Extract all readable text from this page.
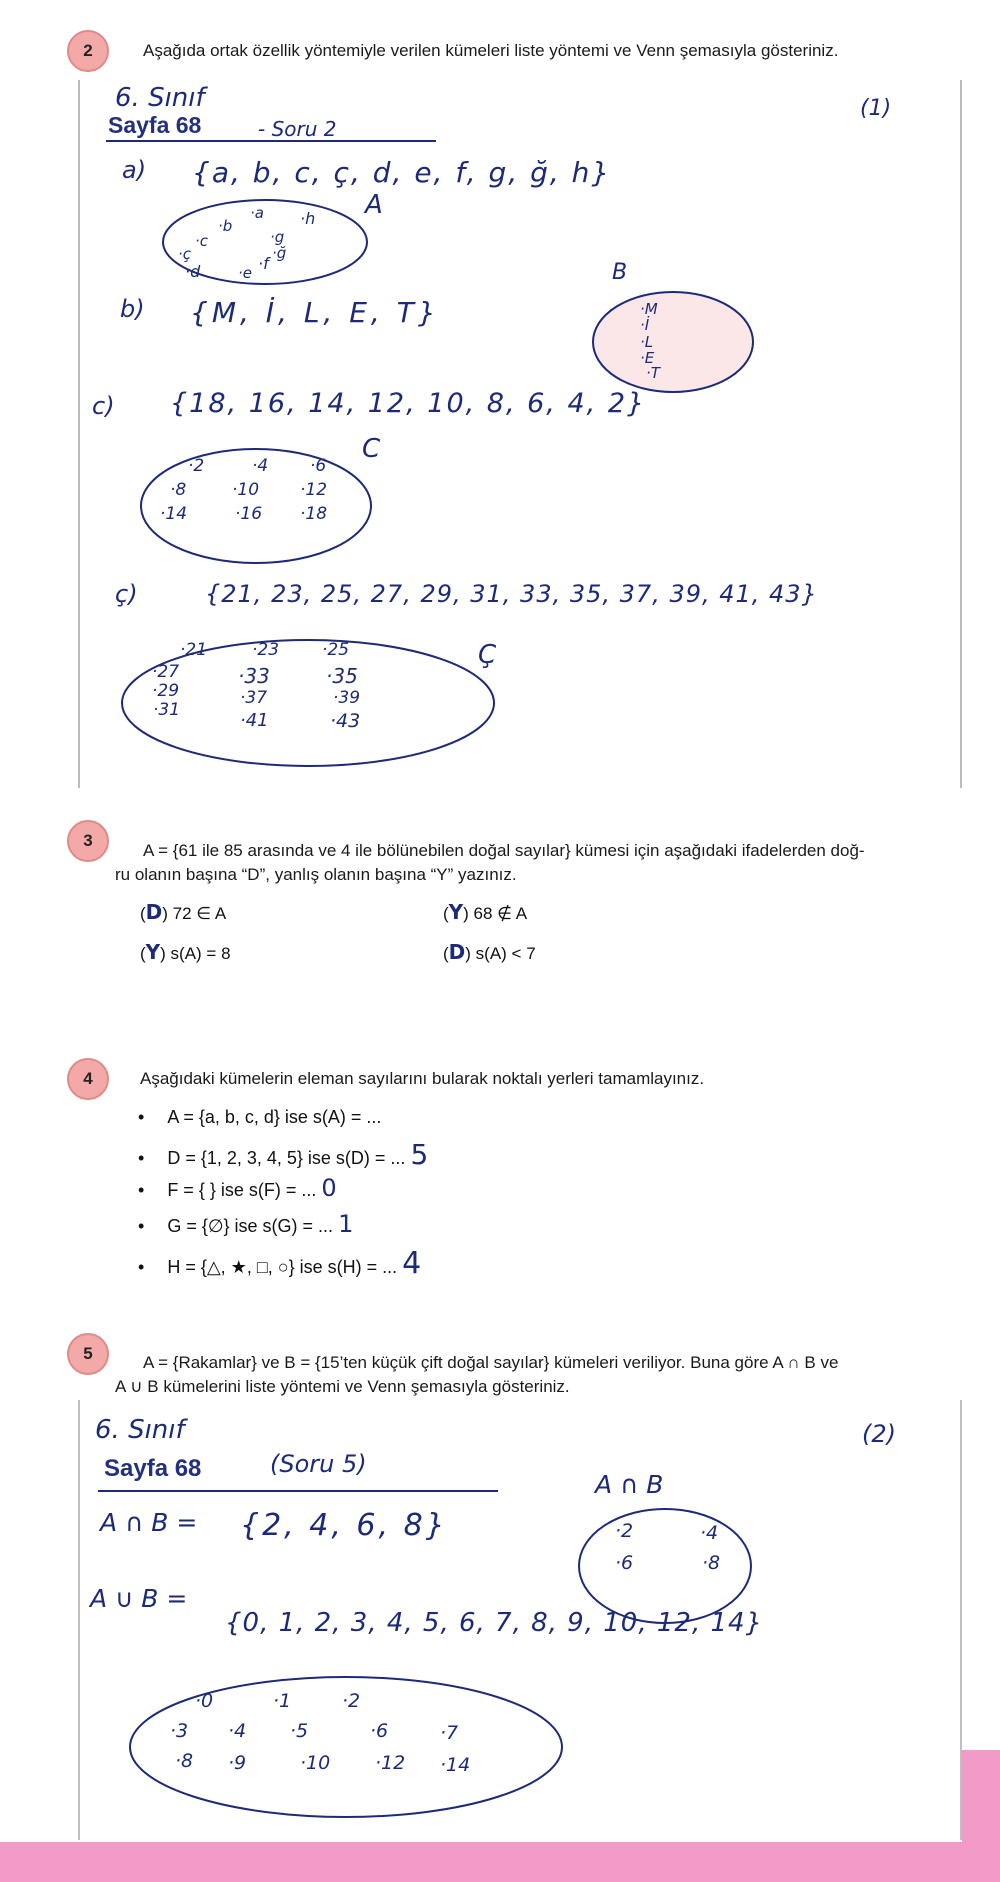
2	Aşağıda ortak özellik yöntemiyle verilen kümeleri liste yöntemi ve Venn şemasıyla gösteriniz.
6. Sınıf
Sayfa 68	- Soru 2
(1)
a) {a, b, c, ç, d, e, f, g, ğ, h}
A
·a ·h
·b
·c
·ç
·g
·ğ
·d	·e ·f
b) {M, İ, L, E, T}
B
·M
·İ
·L
·E
·T
c) {18, 16, 14, 12, 10, 8, 6, 4, 2}
C
·2	·4 ·6
·8	·10 ·12
·14	·16 ·18
ç)	{21, 23, 25, 27, 29, 31, 33, 35, 37, 39, 41, 43}
Ç
·21	·23	·25
·27	·33	·35
·29	·37	·39
·31	·41	·43
3
A = {61 ile 85 arasında ve 4 ile bölünebilen doğal sayılar} kümesi için aşağıdaki ifadelerden doğ-
ru olanın başına “D”, yanlış olanın başına “Y” yazınız.
(D) 72 ∈ A	(Y) 68 ∉ A
(Y) s(A) = 8	(D) s(A) < 7
4	Aşağıdaki kümelerin eleman sayılarını bularak noktalı yerleri tamamlayınız.
• A = {a, b, c, d} ise s(A) = ...
• D = {1, 2, 3, 4, 5} ise s(D) = ... 5
• F = { } ise s(F) = ... 0
• G = {∅} ise s(G) = ... 1
• H = {△, ★, □, ○} ise s(H) = ... 4
5	A = {Rakamlar} ve B = {15’ten küçük çift doğal sayılar} kümeleri veriliyor. Buna göre A ∩ B ve
A ∪ B kümelerini liste yöntemi ve Venn şemasıyla gösteriniz.
6. Sınıf
Sayfa 68	(Soru 5)
(2)
A ∩ B = {2, 4, 6, 8}
A ∩ B
·2	·4
·6	·8
A ∪ B =
{0, 1, 2, 3, 4, 5, 6, 7, 8, 9, 10, 12, 14}
·0	·1	·2
·3 ·4 ·5	·6	·7
·8 ·9	·10 ·12 ·14
